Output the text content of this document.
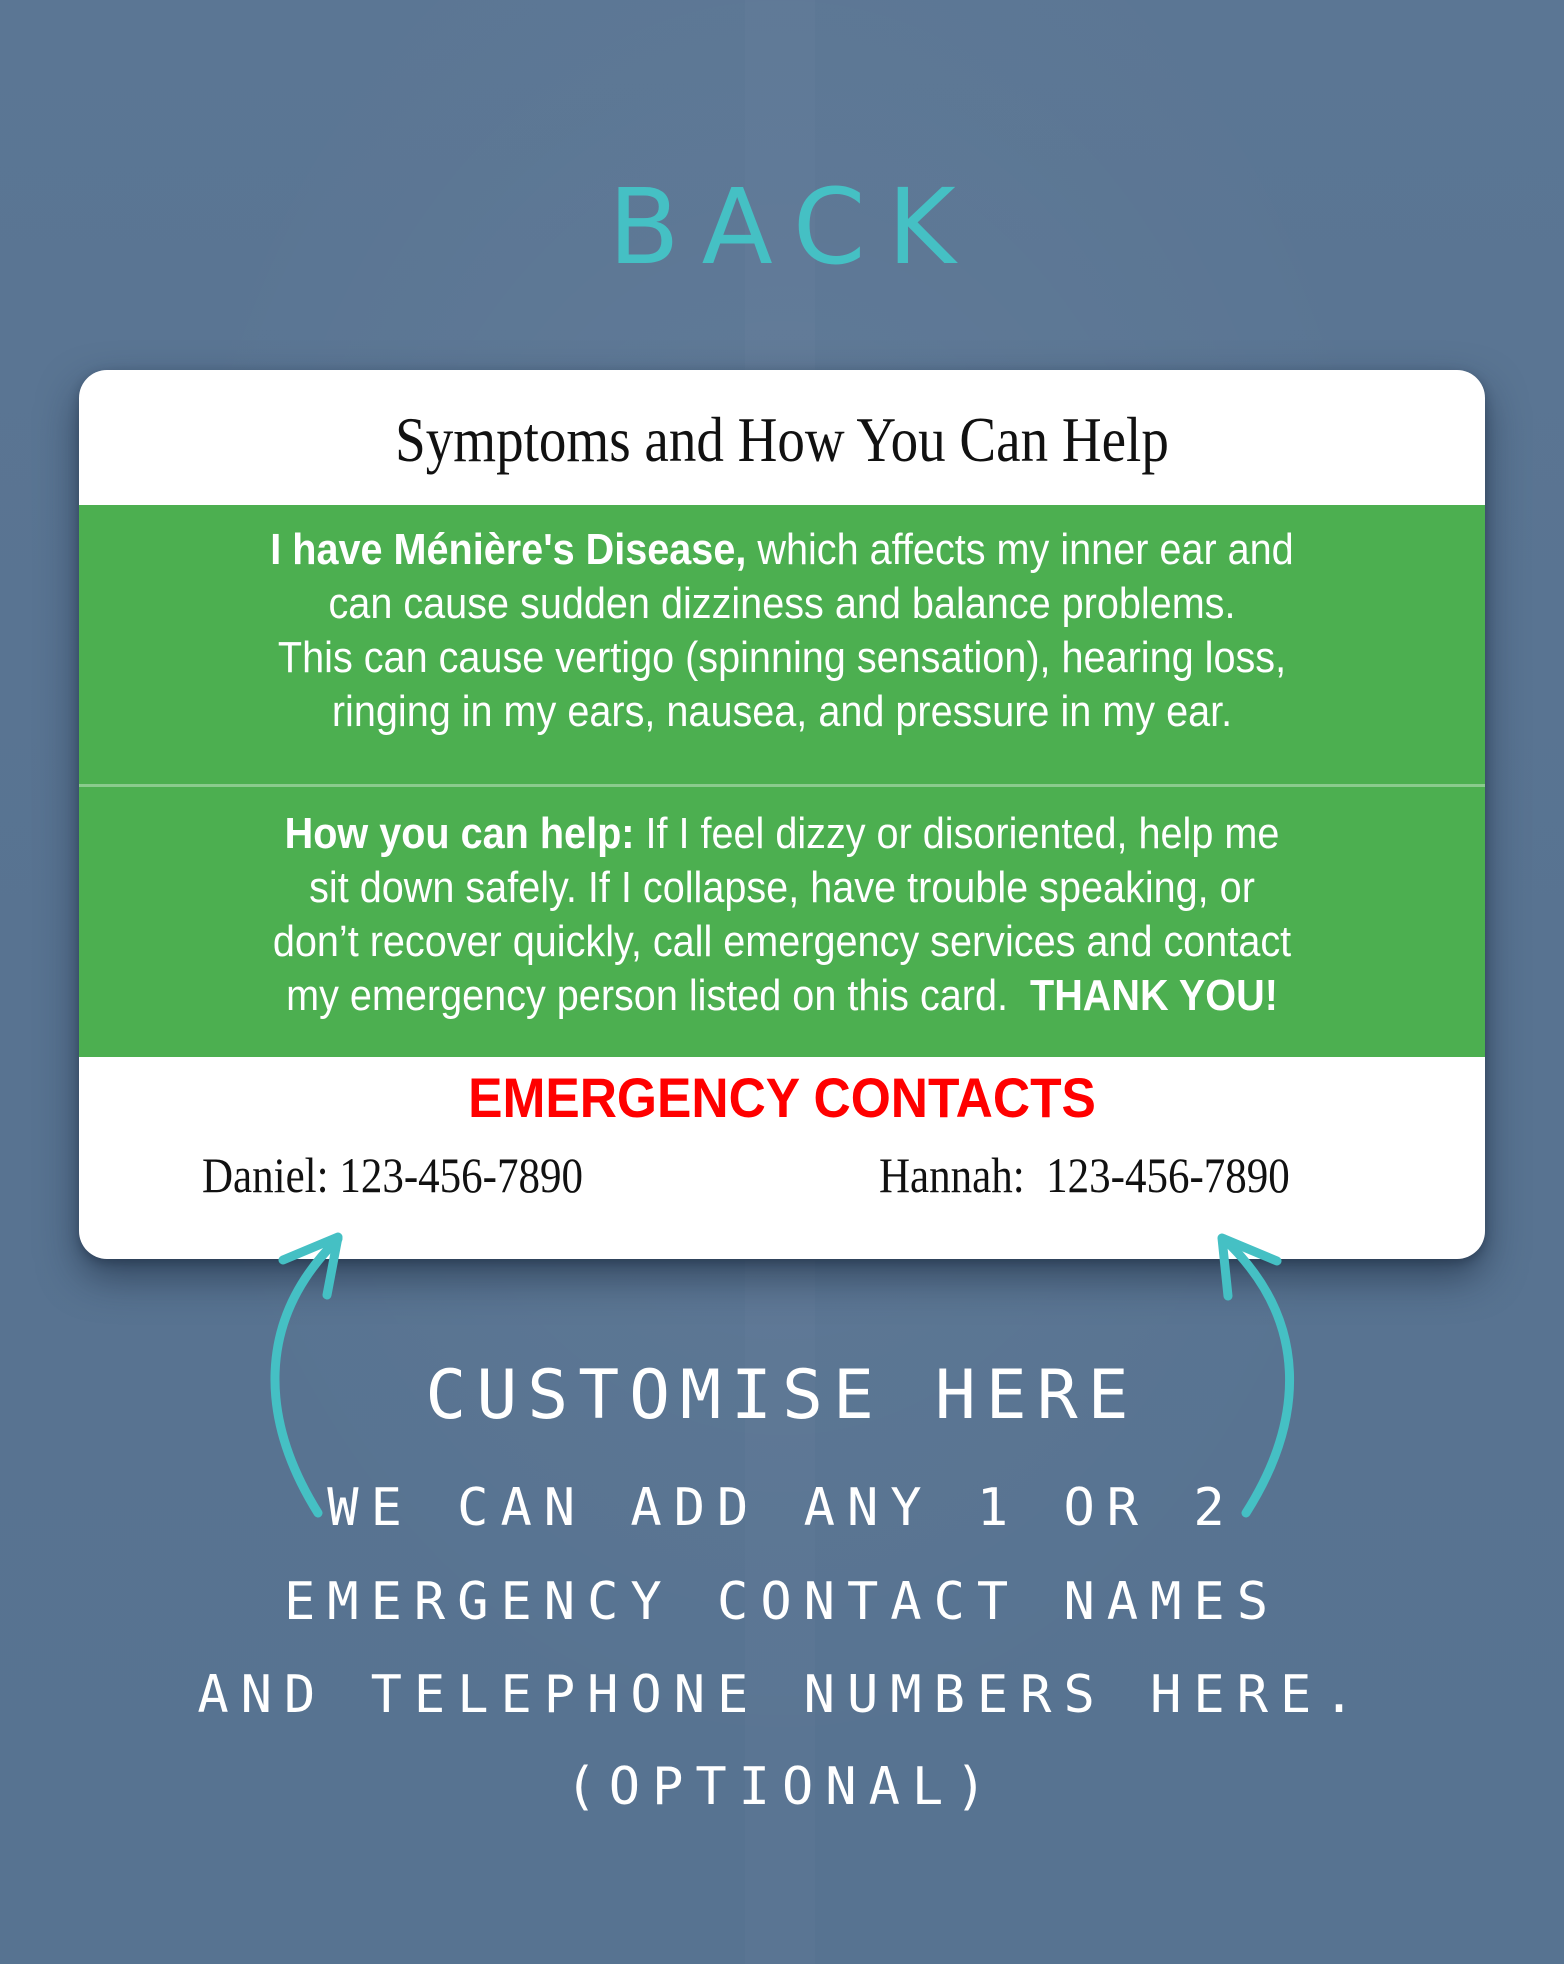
BACK
Symptoms and How You Can Help
I have Ménière's Disease, which affects my inner ear and
can cause sudden dizziness and balance problems.
This can cause vertigo (spinning sensation), hearing loss,
ringing in my ears, nausea, and pressure in my ear.
How you can help: If I feel dizzy or disoriented, help me
sit down safely. If I collapse, have trouble speaking, or
don’t recover quickly, call emergency services and contact
my emergency person listed on this card.  THANK YOU!
EMERGENCY CONTACTS
Daniel: 123-456-7890	Hannah:  123-456-7890
CUSTOMISE HERE
WE CAN ADD ANY 1 OR 2
EMERGENCY CONTACT NAMES
AND TELEPHONE NUMBERS HERE.
(OPTIONAL)
